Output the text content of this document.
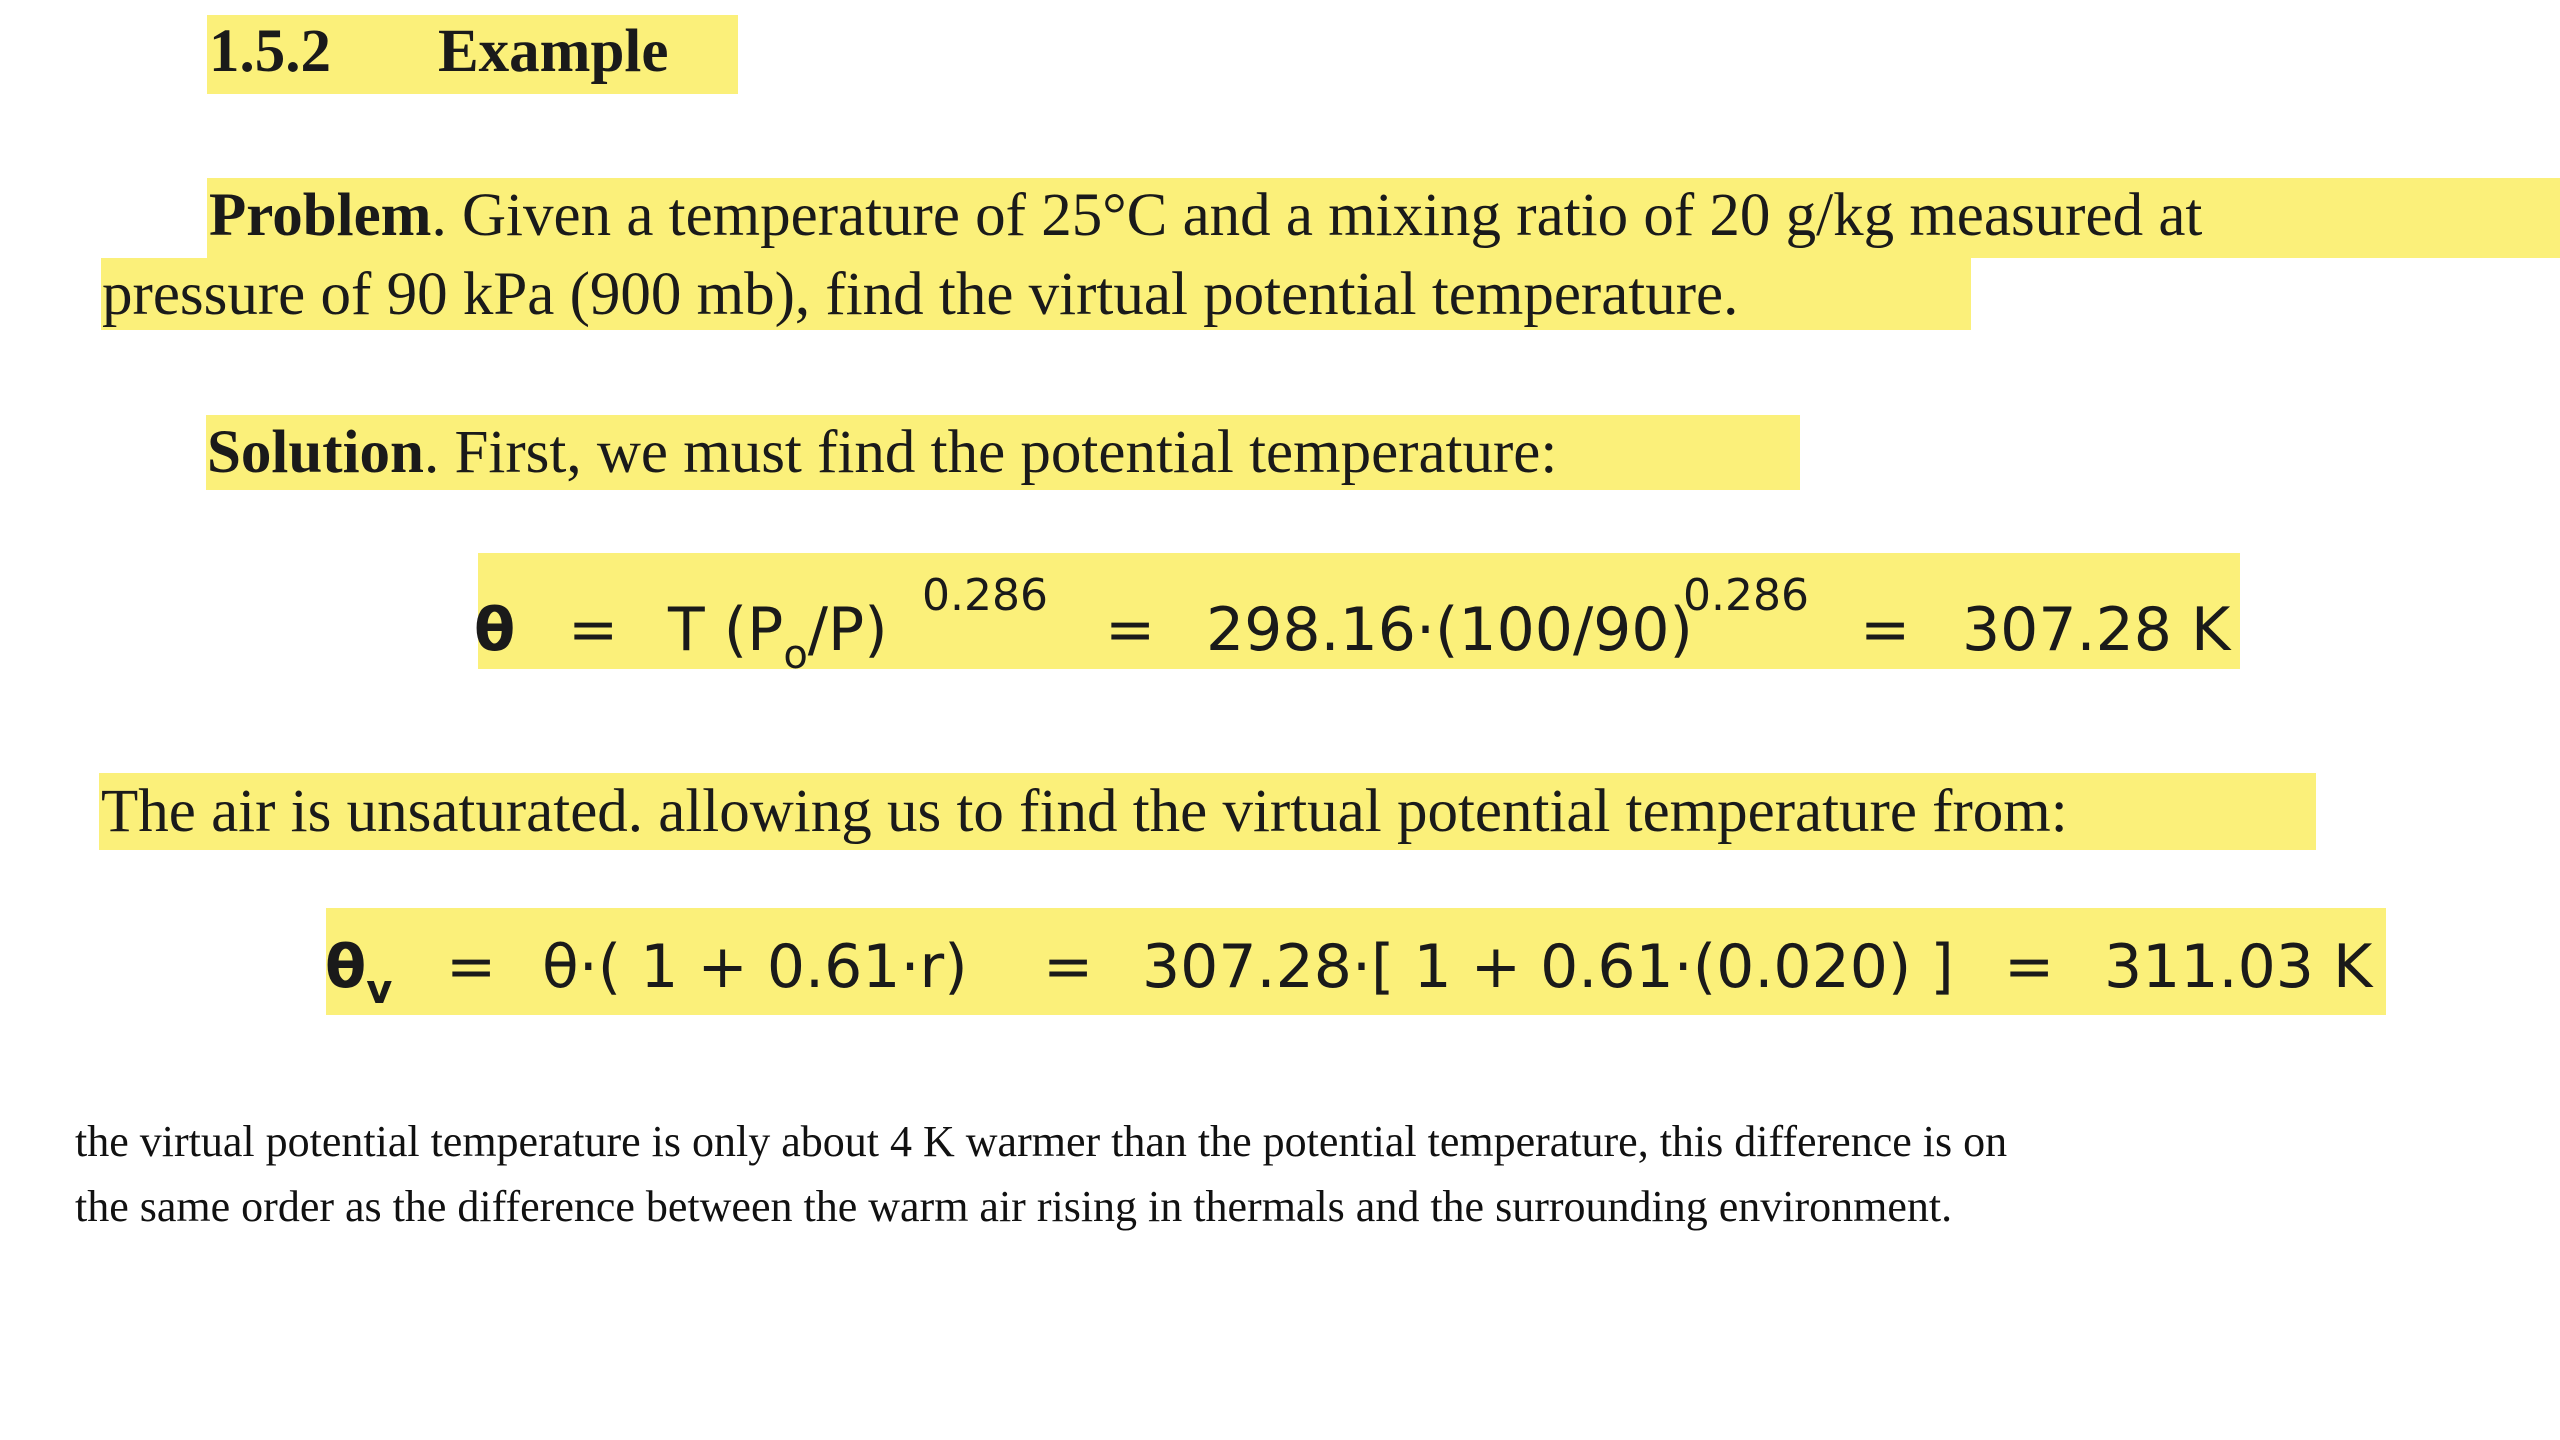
1.5.2 Example
Problem. Given a temperature of 25°C and a mixing ratio of 20 g/kg measured at
pressure of 90 kPa (900 mb), find the virtual potential temperature.
Solution. First, we must find the potential temperature:
θ = T $(P_o/P) 0.286 = 298.16\cdot(100/90)$
0.286 = 307.28 K
The air is unsaturated. allowing us to find the virtual potential temperature from:
$\theta_v = \theta\cdot$( 1 + 0.61·r) = 307.28·[ 1 + 0.61·(0.020) ] = 311.03 K
the virtual potential temperature is only about 4 K warmer than the potential temperature, this difference is on
the same order as the difference between the warm air rising in thermals and the surrounding environment.
